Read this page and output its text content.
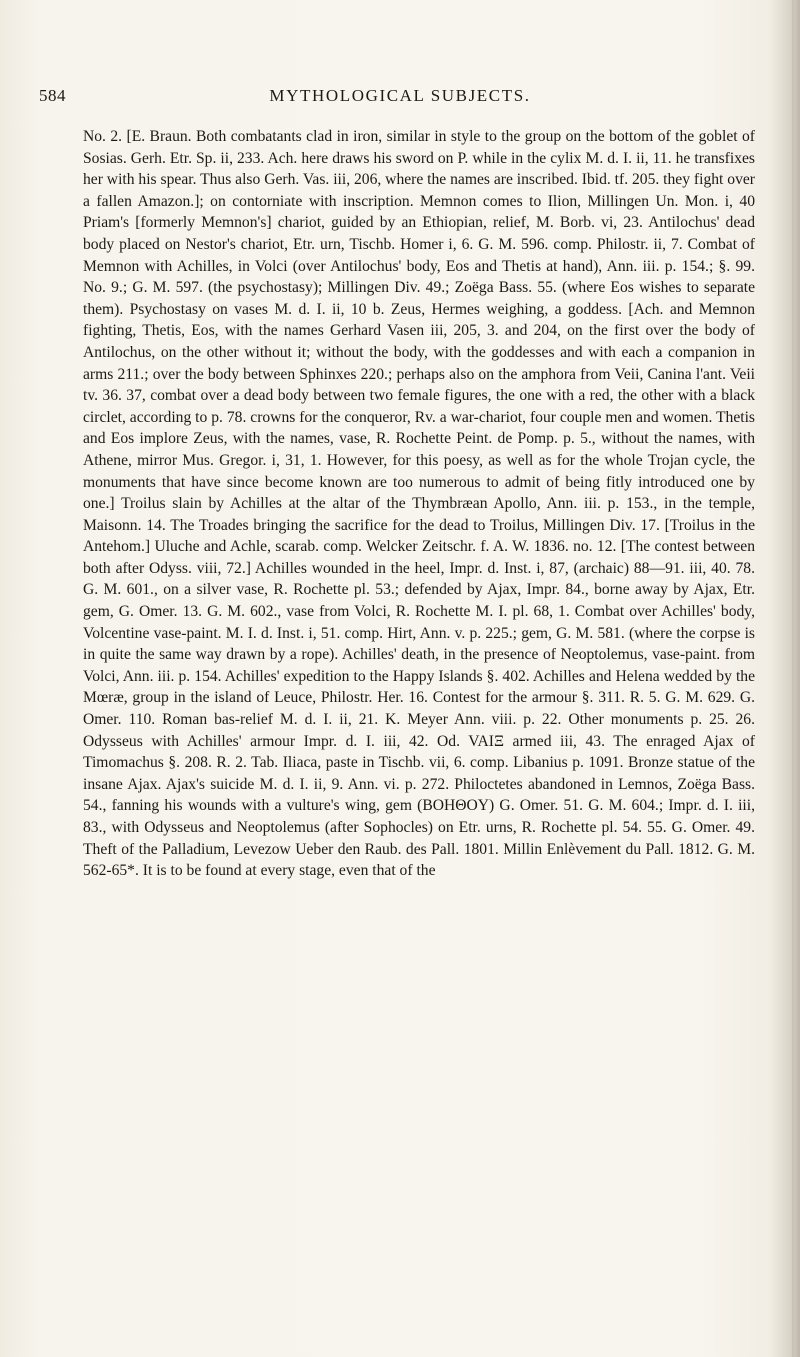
584	MYTHOLOGICAL SUBJECTS.

No. 2. [E. Braun. Both combatants clad in iron, similar in style to the group on the bottom of the goblet of Sosias. Gerh. Etr. Sp. ii, 233. Ach. here draws his sword on P. while in the cylix M. d. I. ii, 11. he transfixes her with his spear. Thus also Gerh. Vas. iii, 206, where the names are inscribed. Ibid. tf. 205. they fight over a fallen Amazon.]; on contorniate with inscription. Memnon comes to Ilion, Millingen Un. Mon. i, 40 Priam's [formerly Memnon's] chariot, guided by an Ethiopian, relief, M. Borb. vi, 23. Antilochus' dead body placed on Nestor's chariot, Etr. urn, Tischb. Homer i, 6. G. M. 596. comp. Philostr. ii, 7. Combat of Memnon with Achilles, in Volci (over Antilochus' body, Eos and Thetis at hand), Ann. iii. p. 154.; §. 99. No. 9.; G. M. 597. (the psychostasy); Millingen Div. 49.; Zoëga Bass. 55. (where Eos wishes to separate them). Psychostasy on vases M. d. I. ii, 10 b. Zeus, Hermes weighing, a goddess. [Ach. and Memnon fighting, Thetis, Eos, with the names Gerhard Vasen iii, 205, 3. and 204, on the first over the body of Antilochus, on the other without it; without the body, with the goddesses and with each a companion in arms 211.; over the body between Sphinxes 220.; perhaps also on the amphora from Veii, Canina l'ant. Veii tv. 36. 37, combat over a dead body between two female figures, the one with a red, the other with a black circlet, according to p. 78. crowns for the conqueror, Rv. a war-chariot, four couple men and women. Thetis and Eos implore Zeus, with the names, vase, R. Rochette Peint. de Pomp. p. 5., without the names, with Athene, mirror Mus. Gregor. i, 31, 1. However, for this poesy, as well as for the whole Trojan cycle, the monuments that have since become known are too numerous to admit of being fitly introduced one by one.] Troilus slain by Achilles at the altar of the Thymbræan Apollo, Ann. iii. p. 153., in the temple, Maisonn. 14. The Troades bringing the sacrifice for the dead to Troilus, Millingen Div. 17. [Troilus in the Antehom.] Uluche and Achle, scarab. comp. Welcker Zeitschr. f. A. W. 1836. no. 12. [The contest between both after Odyss. viii, 72.] Achilles wounded in the heel, Impr. d. Inst. i, 87, (archaic) 88—91. iii, 40. 78. G. M. 601., on a silver vase, R. Rochette pl. 53.; defended by Ajax, Impr. 84., borne away by Ajax, Etr. gem, G. Omer. 13. G. M. 602., vase from Volci, R. Rochette M. I. pl. 68, 1. Combat over Achilles' body, Volcentine vase-paint. M. I. d. Inst. i, 51. comp. Hirt, Ann. v. p. 225.; gem, G. M. 581. (where the corpse is in quite the same way drawn by a rope). Achilles' death, in the presence of Neoptolemus, vase-paint. from Volci, Ann. iii. p. 154. Achilles' expedition to the Happy Islands §. 402. Achilles and Helena wedded by the Mœræ, group in the island of Leuce, Philostr. Her. 16. Contest for the armour §. 311. R. 5. G. M. 629. G. Omer. 110. Roman bas-relief M. d. I. ii, 21. K. Meyer Ann. viii. p. 22. Other monuments p. 25. 26. Odysseus with Achilles' armour Impr. d. I. iii, 42. Od. VAIΞ armed iii, 43. The enraged Ajax of Timomachus §. 208. R. 2. Tab. Iliaca, paste in Tischb. vii, 6. comp. Libanius p. 1091. Bronze statue of the insane Ajax. Ajax's suicide M. d. I. ii, 9. Ann. vi. p. 272. Philoctetes abandoned in Lemnos, Zoëga Bass. 54., fanning his wounds with a vulture's wing, gem (BOHΘOY) G. Omer. 51. G. M. 604.; Impr. d. I. iii, 83., with Odysseus and Neoptolemus (after Sophocles) on Etr. urns, R. Rochette pl. 54. 55. G. Omer. 49. Theft of the Palladium, Levezow Ueber den Raub. des Pall. 1801. Millin Enlèvement du Pall. 1812. G. M. 562-65*. It is to be found at every stage, even that of the
